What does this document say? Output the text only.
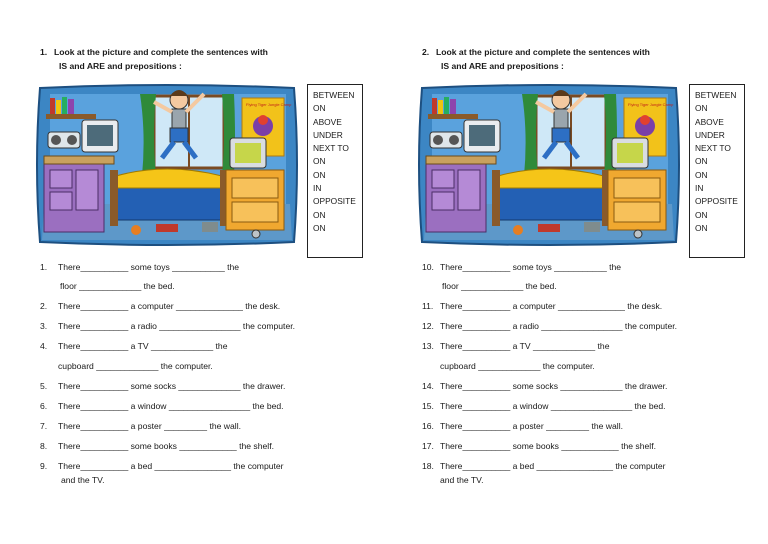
1. Look at the picture and complete the sentences with
IS and ARE and prepositions :
Flying Tiger Jungle Camp
BETWEEN
ON
ABOVE
UNDER
NEXT TO
ON
ON
IN
OPPOSITE
ON
ON
1. There__________ some toys ___________ the
floor _____________ the bed.
2. There__________ a computer ______________ the desk.
3. There__________ a radio _________________ the computer.
4. There__________ a TV _____________ the
cupboard _____________ the computer.
5. There__________ some socks _____________ the drawer.
6. There__________ a window _________________ the bed.
7. There__________ a poster _________ the wall.
8. There__________ some books ____________ the shelf.
9. There__________ a bed ________________ the computer
and the TV.
2. Look at the picture and complete the sentences with
IS and ARE and prepositions :
Flying Tiger Jungle Camp
BETWEEN
ON
ABOVE
UNDER
NEXT TO
ON
ON
IN
OPPOSITE
ON
ON
10. There__________ some toys ___________ the
floor _____________ the bed.
11. There__________ a computer ______________ the desk.
12. There__________ a radio _________________ the computer.
13. There__________ a TV _____________ the
cupboard _____________ the computer.
14. There__________ some socks _____________ the drawer.
15. There__________ a window _________________ the bed.
16. There__________ a poster _________ the wall.
17. There__________ some books ____________ the shelf.
18. There__________ a bed ________________ the computer
and the TV.
